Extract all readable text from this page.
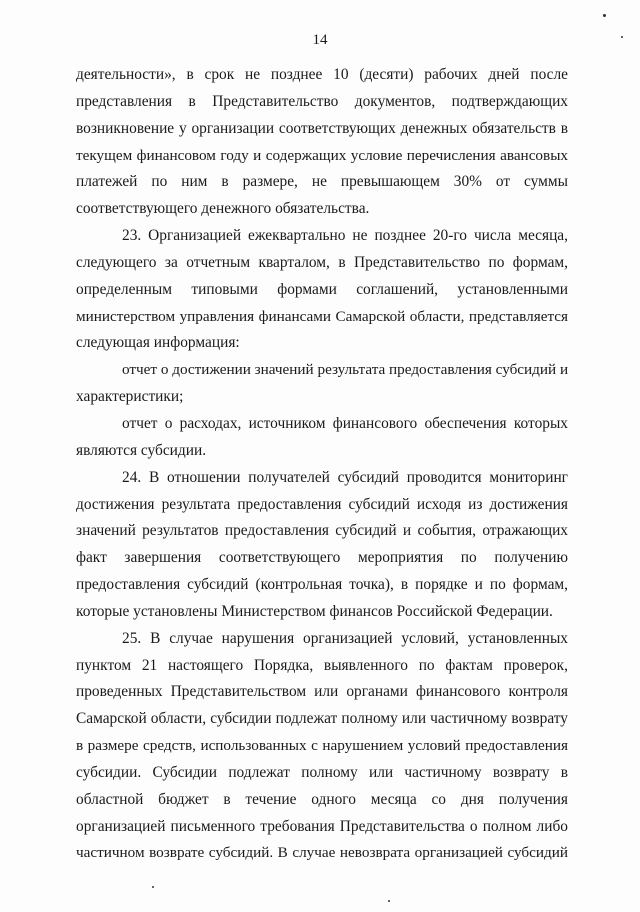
14
деятельности», в срок не позднее 10 (десяти) рабочих дней после
представления в Представительство документов, подтверждающих
возникновение у организации соответствующих денежных обязательств в
текущем финансовом году и содержащих условие перечисления авансовых
платежей по ним в размере, не превышающем 30% от суммы
соответствующего денежного обязательства.
23. Организацией ежеквартально не позднее 20-го числа месяца,
следующего за отчетным кварталом, в Представительство по формам,
определенным типовыми формами соглашений, установленными
министерством управления финансами Самарской области, представляется
следующая информация:
отчет о достижении значений результата предоставления субсидий и
характеристики;
отчет о расходах, источником финансового обеспечения которых
являются субсидии.
24. В отношении получателей субсидий проводится мониторинг
достижения результата предоставления субсидий исходя из достижения
значений результатов предоставления субсидий и события, отражающих
факт завершения соответствующего мероприятия по получению
предоставления субсидий (контрольная точка), в порядке и по формам,
которые установлены Министерством финансов Российской Федерации.
25. В случае нарушения организацией условий, установленных
пунктом 21 настоящего Порядка, выявленного по фактам проверок,
проведенных Представительством или органами финансового контроля
Самарской области, субсидии подлежат полному или частичному возврату
в размере средств, использованных с нарушением условий предоставления
субсидии. Субсидии подлежат полному или частичному возврату в
областной бюджет в течение одного месяца со дня получения
организацией письменного требования Представительства о полном либо
частичном возврате субсидий. В случае невозврата организацией субсидий
